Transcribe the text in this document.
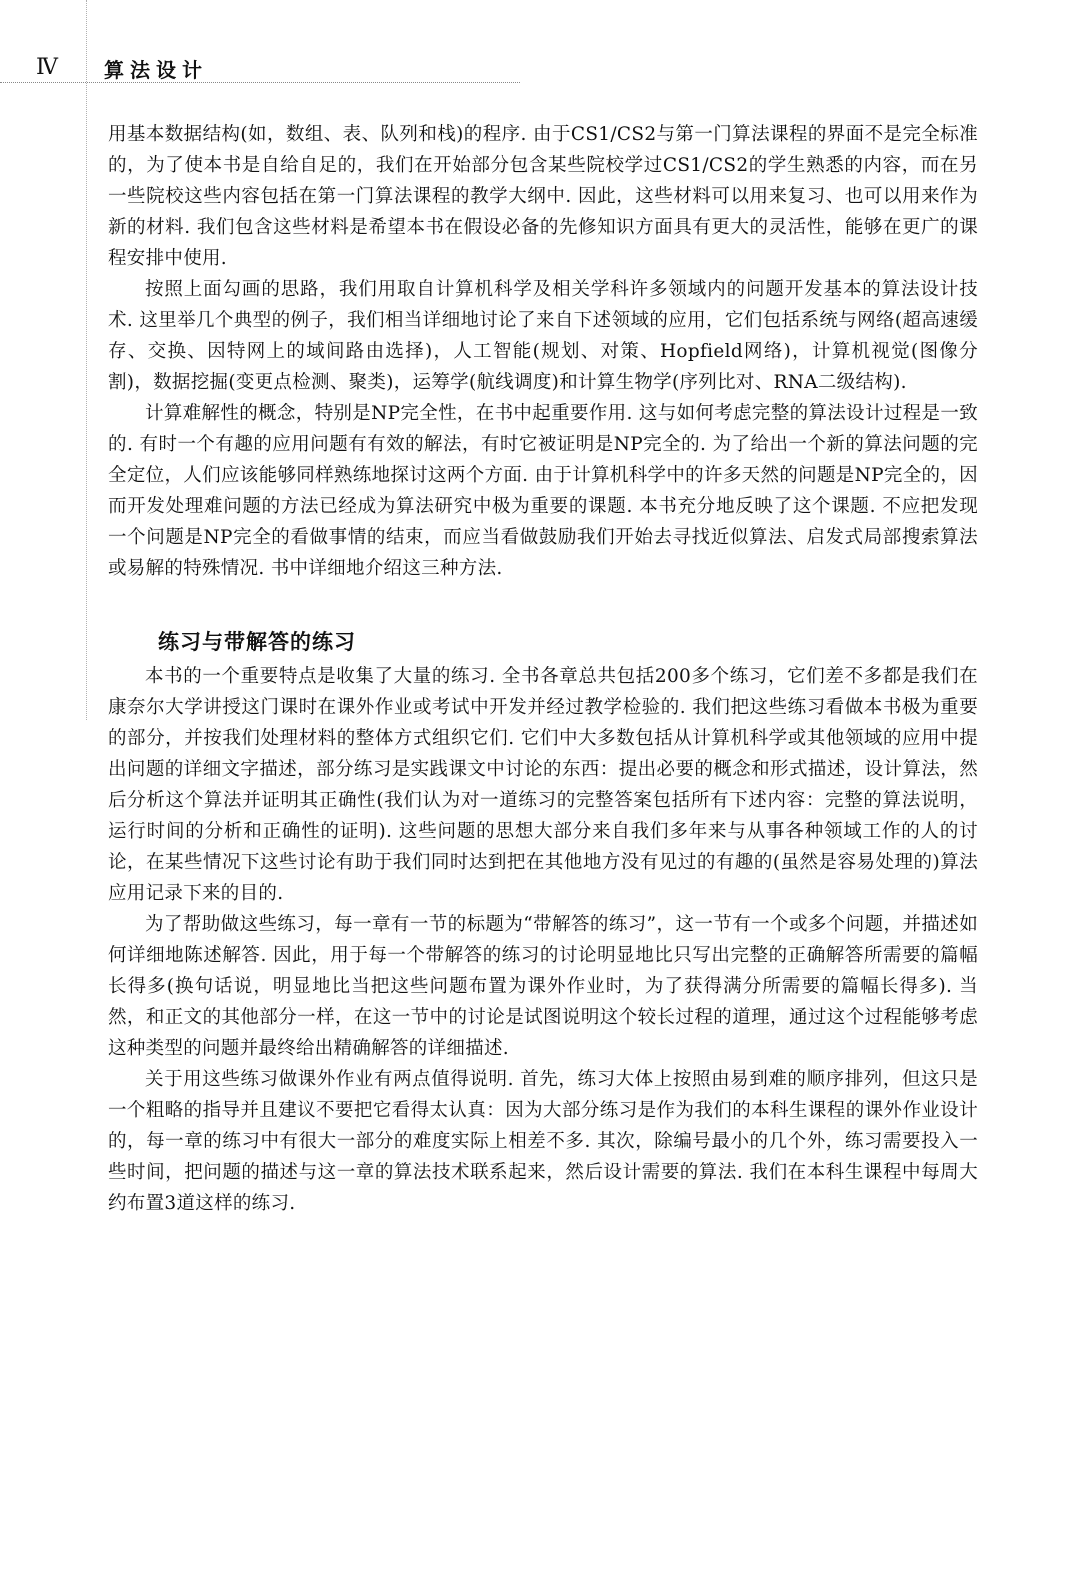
Ⅳ 算法设计

用基本数据结构(如，数组、表、队列和栈)的程序. 由于CS1/CS2与第一门算法课程的界面不是完全标准的，为了使本书是自给自足的，我们在开始部分包含某些院校学过CS1/CS2的学生熟悉的内容，而在另一些院校这些内容包括在第一门算法课程的教学大纲中. 因此，这些材料可以用来复习、也可以用来作为新的材料. 我们包含这些材料是希望本书在假设必备的先修知识方面具有更大的灵活性，能够在更广的课程安排中使用.

按照上面勾画的思路，我们用取自计算机科学及相关学科许多领域内的问题开发基本的算法设计技术. 这里举几个典型的例子，我们相当详细地讨论了来自下述领域的应用，它们包括系统与网络(超高速缓存、交换、因特网上的域间路由选择)，人工智能(规划、对策、Hopfield网络)，计算机视觉(图像分割)，数据挖掘(变更点检测、聚类)，运筹学(航线调度)和计算生物学(序列比对、RNA二级结构).

计算难解性的概念，特别是NP完全性，在书中起重要作用. 这与如何考虑完整的算法设计过程是一致的. 有时一个有趣的应用问题有有效的解法，有时它被证明是NP完全的. 为了给出一个新的算法问题的完全定位，人们应该能够同样熟练地探讨这两个方面. 由于计算机科学中的许多天然的问题是NP完全的，因而开发处理难问题的方法已经成为算法研究中极为重要的课题. 本书充分地反映了这个课题. 不应把发现一个问题是NP完全的看做事情的结束，而应当看做鼓励我们开始去寻找近似算法、启发式局部搜索算法或易解的特殊情况. 书中详细地介绍这三种方法.

练习与带解答的练习

本书的一个重要特点是收集了大量的练习. 全书各章总共包括200多个练习，它们差不多都是我们在康奈尔大学讲授这门课时在课外作业或考试中开发并经过教学检验的. 我们把这些练习看做本书极为重要的部分，并按我们处理材料的整体方式组织它们. 它们中大多数包括从计算机科学或其他领域的应用中提出问题的详细文字描述，部分练习是实践课文中讨论的东西：提出必要的概念和形式描述，设计算法，然后分析这个算法并证明其正确性(我们认为对一道练习的完整答案包括所有下述内容：完整的算法说明，运行时间的分析和正确性的证明). 这些问题的思想大部分来自我们多年来与从事各种领域工作的人的讨论，在某些情况下这些讨论有助于我们同时达到把在其他地方没有见过的有趣的(虽然是容易处理的)算法应用记录下来的目的.

为了帮助做这些练习，每一章有一节的标题为“带解答的练习”，这一节有一个或多个问题，并描述如何详细地陈述解答. 因此，用于每一个带解答的练习的讨论明显地比只写出完整的正确解答所需要的篇幅长得多(换句话说，明显地比当把这些问题布置为课外作业时，为了获得满分所需要的篇幅长得多). 当然，和正文的其他部分一样，在这一节中的讨论是试图说明这个较长过程的道理，通过这个过程能够考虑这种类型的问题并最终给出精确解答的详细描述.

关于用这些练习做课外作业有两点值得说明. 首先，练习大体上按照由易到难的顺序排列，但这只是一个粗略的指导并且建议不要把它看得太认真：因为大部分练习是作为我们的本科生课程的课外作业设计的，每一章的练习中有很大一部分的难度实际上相差不多. 其次，除编号最小的几个外，练习需要投入一些时间，把问题的描述与这一章的算法技术联系起来，然后设计需要的算法. 我们在本科生课程中每周大约布置3道这样的练习.
